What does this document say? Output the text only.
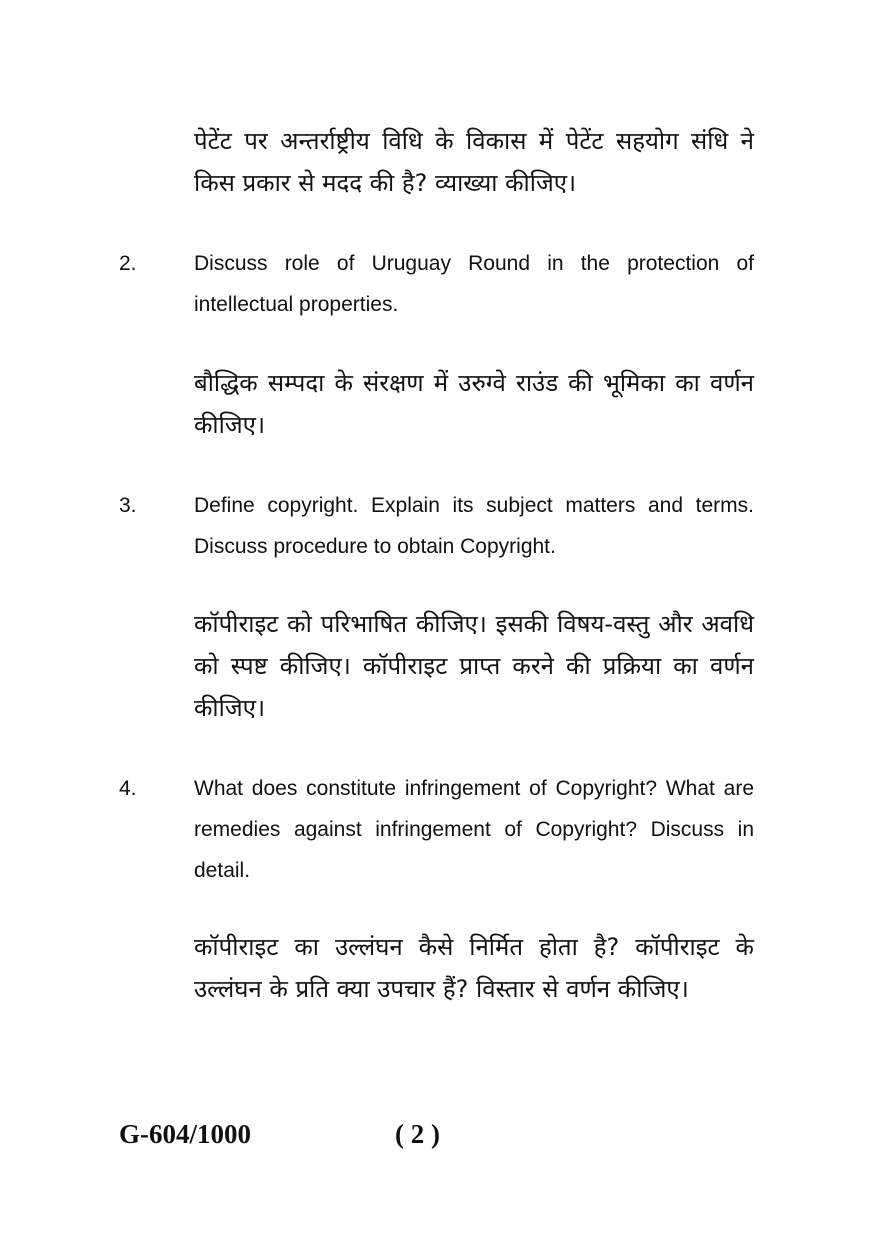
पेटेंट पर अन्तर्राष्ट्रीय विधि के विकास में पेटेंट सहयोग संधि ने किस प्रकार से मदद की है? व्याख्या कीजिए।
2.	Discuss role of Uruguay Round in the protection of intellectual properties.
बौद्धिक सम्पदा के संरक्षण में उरुग्वे राउंड की भूमिका का वर्णन कीजिए।
3.	Define copyright. Explain its subject matters and terms. Discuss procedure to obtain Copyright.
कॉपीराइट को परिभाषित कीजिए। इसकी विषय-वस्तु और अवधि को स्पष्ट कीजिए। कॉपीराइट प्राप्त करने की प्रक्रिया का वर्णन कीजिए।
4.	What does constitute infringement of Copyright? What are remedies against infringement of Copyright? Discuss in detail.
कॉपीराइट का उल्लंघन कैसे निर्मित होता है? कॉपीराइट के उल्लंघन के प्रति क्या उपचार हैं? विस्तार से वर्णन कीजिए।
G-604/1000	( 2 )
